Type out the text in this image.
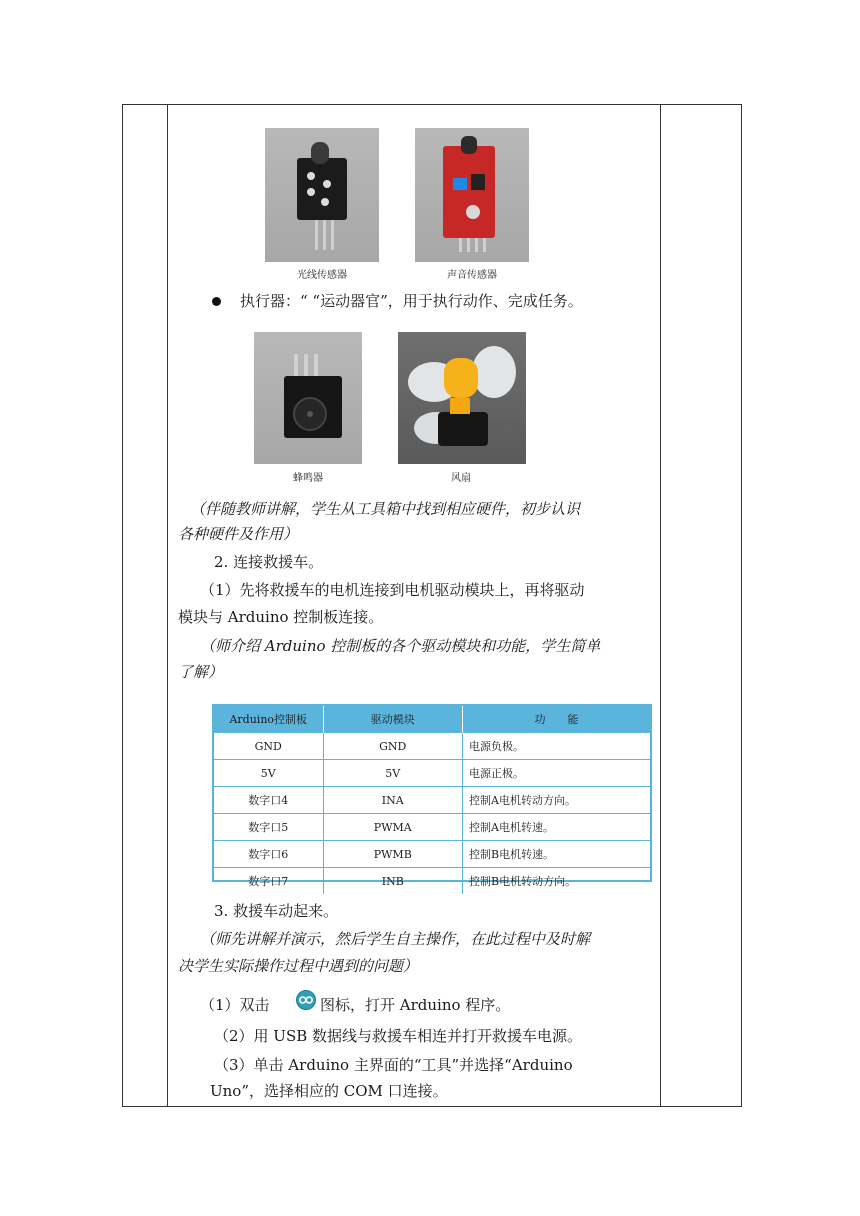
光线传感器	声音传感器
执行器：“ “运动器官”，用于执行动作、完成任务。
蜂鸣器	风扇
（伴随教师讲解，学生从工具箱中找到相应硬件，初步认识
各种硬件及作用）
2. 连接救援车。
（1）先将救援车的电机连接到电机驱动模块上，再将驱动
模块与 Arduino 控制板连接。
（师介绍 Arduino 控制板的各个驱动模块和功能，学生简单
了解）
Arduino控制板	驱动模块	功　　能
GND	GND	电源负极。
5V	5V	电源正极。
数字口4	INA	控制A电机转动方向。
数字口5	PWMA	控制A电机转速。
数字口6	PWMB	控制B电机转速。
数字口7	INB	控制B电机转动方向。
3. 救援车动起来。
（师先讲解并演示，然后学生自主操作，在此过程中及时解
决学生实际操作过程中遇到的问题）
（1）双击	图标，打开 Arduino 程序。
（2）用 USB 数据线与救援车相连并打开救援车电源。
（3）单击 Arduino 主界面的“工具”并选择“Arduino
Uno”，选择相应的 COM 口连接。
